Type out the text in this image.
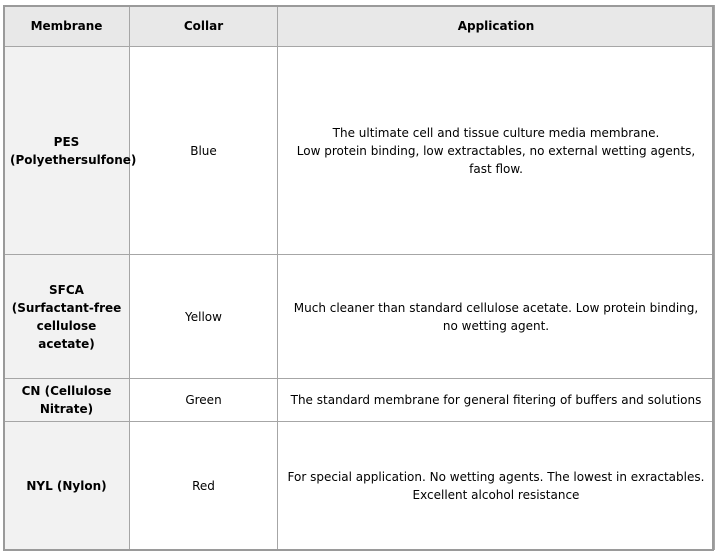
Membrane	Collar	Application

PES
(Polyethersulfone)	Blue	The ultimate cell and tissue culture media membrane.
Low protein binding, low extractables, no external wetting agents,
fast flow.

SFCA
(Surfactant-free
cellulose acetate)	Yellow	Much cleaner than standard cellulose acetate. Low protein binding,
no wetting agent.

CN (Cellulose
Nitrate)	Green	The standard membrane for general fitering of buffers and solutions

NYL (Nylon)	Red	For special application. No wetting agents. The lowest in exractables.
Excellent alcohol resistance
